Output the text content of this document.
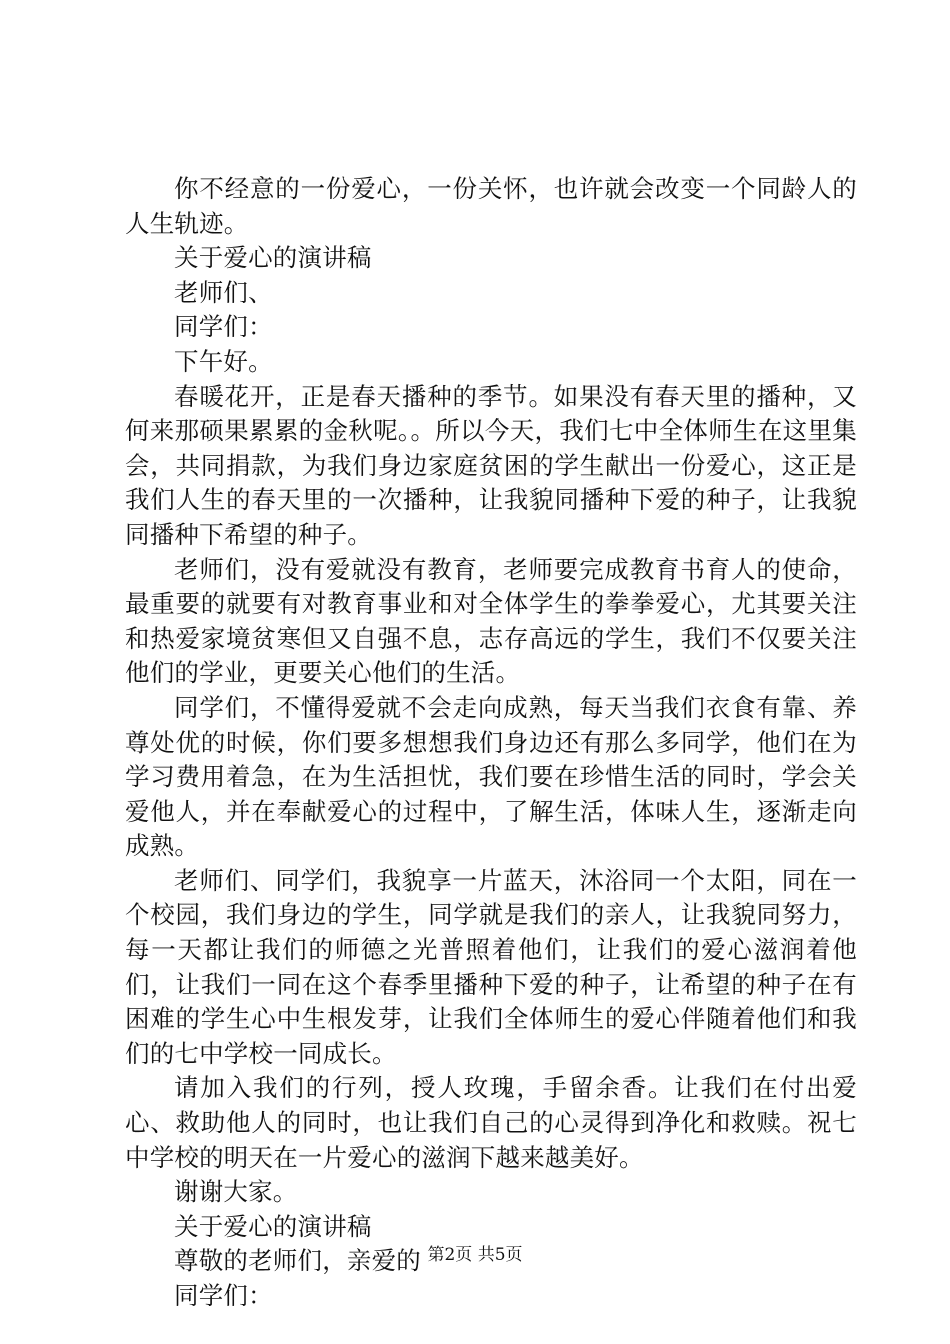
你不经意的一份爱心，一份关怀，也许就会改变一个同龄人的人生轨迹。

关于爱心的演讲稿

老师们、

同学们：

下午好。

春暖花开，正是春天播种的季节。如果没有春天里的播种，又何来那硕果累累的金秋呢。。所以今天，我们七中全体师生在这里集会，共同捐款，为我们身边家庭贫困的学生献出一份爱心，这正是我们人生的春天里的一次播种，让我貌同播种下爱的种子，让我貌同播种下希望的种子。

老师们，没有爱就没有教育，老师要完成教育书育人的使命，最重要的就要有对教育事业和对全体学生的拳拳爱心，尤其要关注和热爱家境贫寒但又自强不息，志存高远的学生，我们不仅要关注他们的学业，更要关心他们的生活。

同学们，不懂得爱就不会走向成熟，每天当我们衣食有靠、养尊处优的时候，你们要多想想我们身边还有那么多同学，他们在为学习费用着急，在为生活担忧，我们要在珍惜生活的同时，学会关爱他人，并在奉献爱心的过程中，了解生活，体味人生，逐渐走向成熟。

老师们、同学们，我貌享一片蓝天，沐浴同一个太阳，同在一个校园，我们身边的学生，同学就是我们的亲人，让我貌同努力，每一天都让我们的师德之光普照着他们，让我们的爱心滋润着他们，让我们一同在这个春季里播种下爱的种子，让希望的种子在有困难的学生心中生根发芽，让我们全体师生的爱心伴随着他们和我们的七中学校一同成长。

请加入我们的行列，授人玫瑰，手留余香。让我们在付出爱心、救助他人的同时，也让我们自己的心灵得到净化和救赎。祝七中学校的明天在一片爱心的滋润下越来越美好。

谢谢大家。

关于爱心的演讲稿

尊敬的老师们，亲爱的

同学们：

第2页 共5页
